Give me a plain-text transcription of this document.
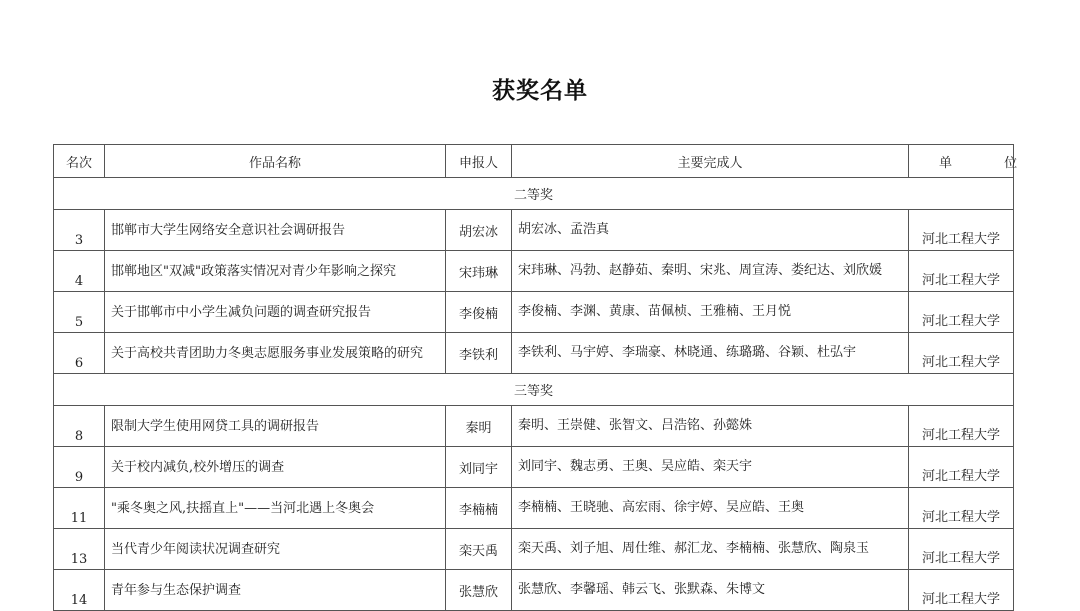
获奖名单
名次	作品名称	申报人	主要完成人	单 位
二等奖				
3	邯郸市大学生网络安全意识社会调研报告	胡宏冰	胡宏冰、孟浩真	河北工程大学
4	邯郸地区"双减"政策落实情况对青少年影响之探究	宋玮琳	宋玮琳、冯勃、赵静茹、秦明、宋兆、周宣涛、娄纪达、刘欣媛	河北工程大学
5	关于邯郸市中小学生减负问题的调查研究报告	李俊楠	李俊楠、李渊、黄康、苗佩桢、王雅楠、王月悦	河北工程大学
6	关于高校共青团助力冬奥志愿服务事业发展策略的研究	李铁利	李铁利、马宇婷、李瑞豪、林晓通、练璐璐、谷颖、杜弘宇	河北工程大学
三等奖				
8	限制大学生使用网贷工具的调研报告	秦明	秦明、王崇健、张智文、吕浩铭、孙懿姝	河北工程大学
9	关于校内减负,校外增压的调查	刘同宇	刘同宇、魏志勇、王奥、吴应皓、栾天宇	河北工程大学
11	"乘冬奥之风,扶摇直上"——当河北遇上冬奥会	李楠楠	李楠楠、王晓驰、高宏雨、徐宇婷、吴应皓、王奥	河北工程大学
13	当代青少年阅读状况调查研究	栾天禹	栾天禹、刘子旭、周仕维、郝汇龙、李楠楠、张慧欣、陶泉玉	河北工程大学
14	青年参与生态保护调查	张慧欣	张慧欣、李馨瑶、韩云飞、张默森、朱博文	河北工程大学
